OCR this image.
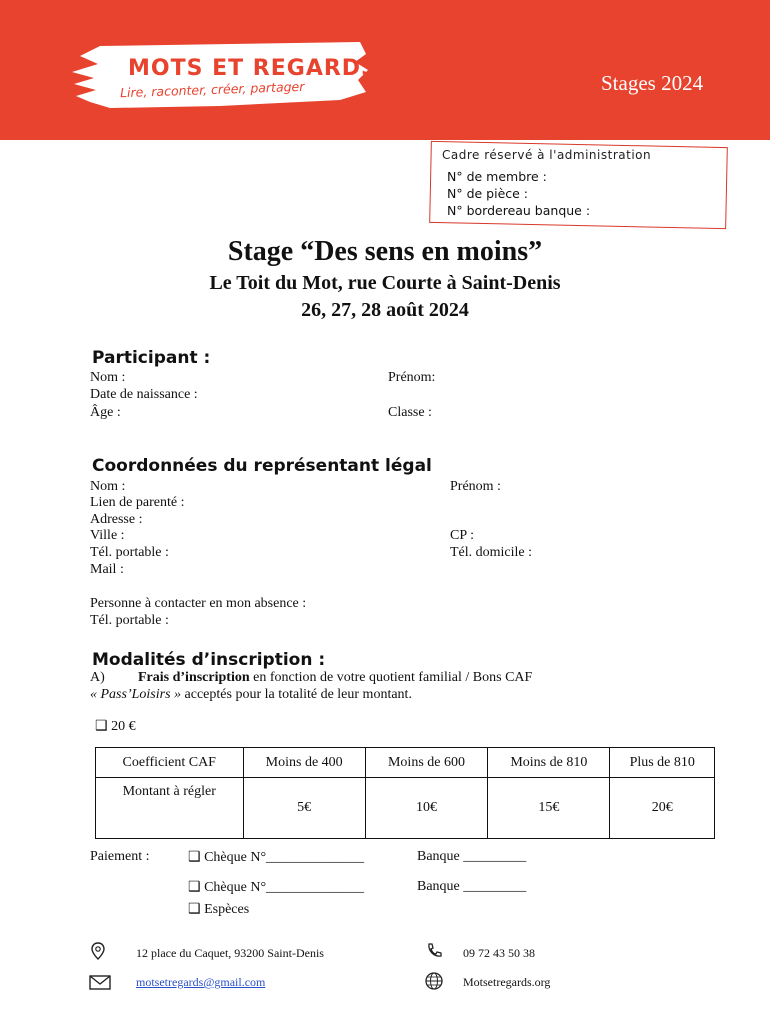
MOTS ET REGARDS
Lire, raconter, créer, partager	Stages 2024
Cadre réservé à l'administration
N° de membre :
N° de pièce :
N° bordereau banque :
Stage “Des sens en moins”
Le Toit du Mot, rue Courte à Saint-Denis
26, 27, 28 août 2024
Participant :
Nom :	Prénom:
Date de naissance :
Âge :	Classe :
Coordonnées du représentant légal
Nom :	Prénom :
Lien de parenté :
Adresse :
Ville :	CP :
Tél. portable :	Tél. domicile :
Mail :
Personne à contacter en mon absence :
Tél. portable :
Modalités d’inscription :
A) Frais d’inscription en fonction de votre quotient familial / Bons CAF
« Pass’Loisirs » acceptés pour la totalité de leur montant.
❑ 20 €
Coefficient CAF	Moins de 400	Moins de 600	Moins de 810	Plus de 810
Montant à régler	5€	10€	15€	20€
Paiement :	❑ Chèque N°______________	Banque _________
❑ Chèque N°______________	Banque _________
❑ Espèces
12 place du Caquet, 93200 Saint-Denis	09 72 43 50 38
motsetregards@gmail.com	Motsetregards.org
